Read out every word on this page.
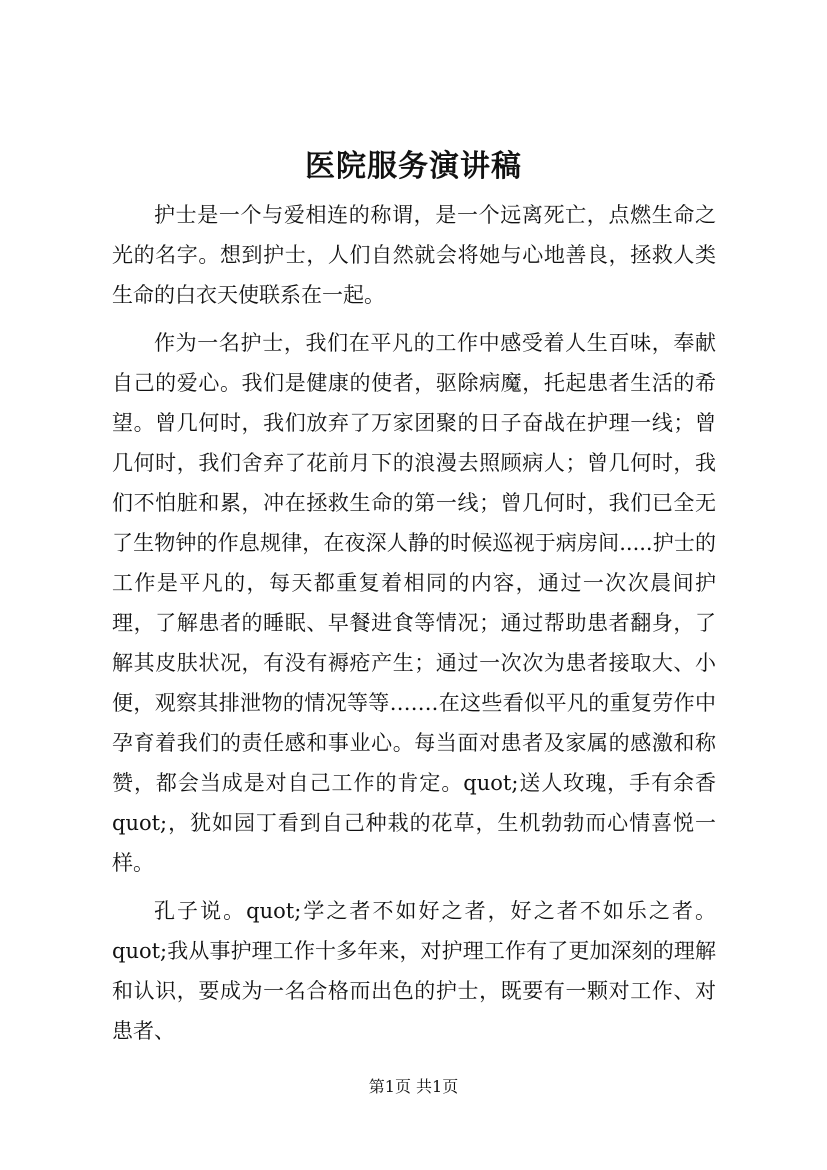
医院服务演讲稿

护士是一个与爱相连的称谓，是一个远离死亡，点燃生命之光的名字。想到护士，人们自然就会将她与心地善良，拯救人类生命的白衣天使联系在一起。

作为一名护士，我们在平凡的工作中感受着人生百味，奉献自己的爱心。我们是健康的使者，驱除病魔，托起患者生活的希望。曾几何时，我们放弃了万家团聚的日子奋战在护理一线；曾几何时，我们舍弃了花前月下的浪漫去照顾病人；曾几何时，我们不怕脏和累，冲在拯救生命的第一线；曾几何时，我们已全无了生物钟的作息规律，在夜深人静的时候巡视于病房间.....护士的工作是平凡的，每天都重复着相同的内容，通过一次次晨间护理，了解患者的睡眠、早餐进食等情况；通过帮助患者翻身，了解其皮肤状况，有没有褥疮产生；通过一次次为患者接取大、小便，观察其排泄物的情况等等…….在这些看似平凡的重复劳作中孕育着我们的责任感和事业心。每当面对患者及家属的感激和称赞，都会当成是对自己工作的肯定。quot;送人玫瑰，手有余香quot;，犹如园丁看到自己种栽的花草，生机勃勃而心情喜悦一样。

孔子说。quot;学之者不如好之者，好之者不如乐之者。quot;我从事护理工作十多年来，对护理工作有了更加深刻的理解和认识，要成为一名合格而出色的护士，既要有一颗对工作、对患者、

第1页 共1页
